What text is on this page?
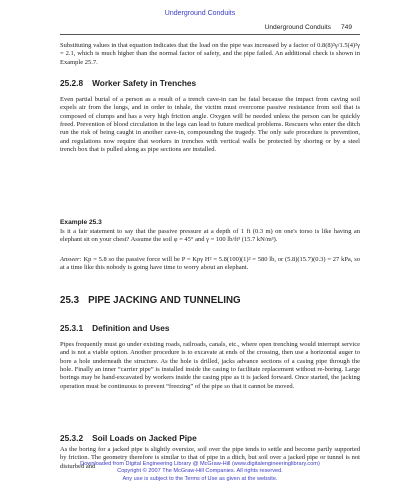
Underground Conduits
Underground Conduits 749
Substituting values in that equation indicates that the load on the pipe was increased by a factor of 0.8(8)²γ/1.5(4)²γ = 2.1, which is much higher than the normal factor of safety, and the pipe failed. An additional check is shown in Example 25.7.
25.2.8 Worker Safety in Trenches
Even partial burial of a person as a result of a trench cave-in can be fatal because the impact from caving soil expels air from the lungs, and in order to inhale, the victim must overcome passive resistance from soil that is composed of clumps and has a very high friction angle. Oxygen will be needed unless the person can be quickly freed. Prevention of blood circulation in the legs can lead to future medical problems. Rescuers who enter the ditch run the risk of being caught in another cave-in, compounding the tragedy. The only safe procedure is prevention, and regulations now require that workers in trenches with vertical walls be protected by shoring or by a steel trench box that is pulled along as pipe sections are installed.
Example 25.3
Is it a fair statement to say that the passive pressure at a depth of 1 ft (0.3 m) on one's torso is like having an elephant sit on your chest? Assume the soil φ = 45° and γ = 100 lb/ft³ (15.7 kN/m³).
Answer: Kp = 5.8 so the passive force will be P = Kpγ H² = 5.8(100)(1)² = 580 lb, or (5.8)(15.7)(0.3) = 27 kPa, so at a time like this nobody is going have time to worry about an elephant.
25.3 PIPE JACKING AND TUNNELING
25.3.1 Definition and Uses
Pipes frequently must go under existing roads, railroads, canals, etc., where open trenching would interrupt service and is not a viable option. Another procedure is to excavate at ends of the crossing, then use a horizontal auger to bore a hole underneath the structure. As the hole is drilled, jacks advance sections of a casing pipe through the hole. Finally an inner “carrier pipe” is installed inside the casing to facilitate replacement without re-boring. Large borings may be hand-excavated by workers inside the casing pipe as it is jacked forward. Once started, the jacking operation must be continuous to prevent “freezing” of the pipe so that it cannot be moved.
25.3.2 Soil Loads on Jacked Pipe
As the boring for a jacked pipe is slightly oversize, soil over the pipe tends to settle and become partly supported by friction. The geometry therefore is similar to that of pipe in a ditch, but soil over a jacked pipe or tunnel is not disturbed and
Downloaded from Digital Engineering Library @ McGraw-Hill (www.digitalengineeringlibrary.com)
Copyright © 2007 The McGraw-Hill Companies. All rights reserved.
Any use is subject to the Terms of Use as given at the website.
